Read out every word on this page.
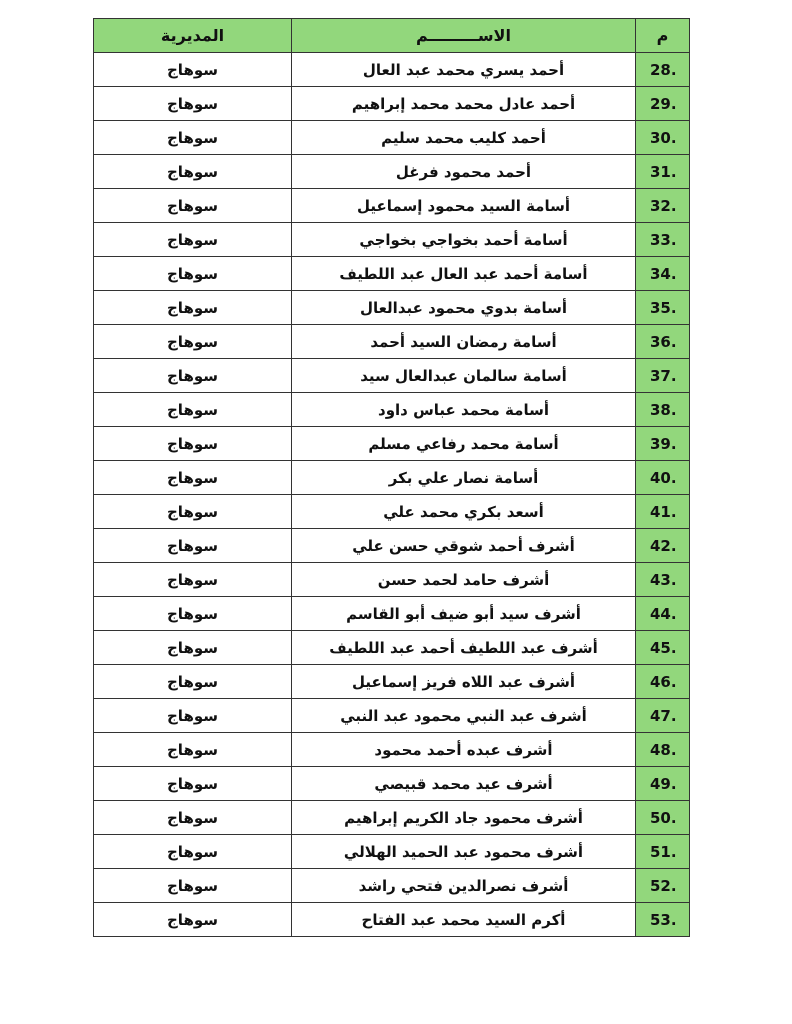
م	الاســـــــــم	المديرية
28.	أحمد يسري محمد عبد العال	سوهاج
29.	أحمد عادل محمد محمد إبراهيم	سوهاج
30.	أحمد كليب محمد سليم	سوهاج
31.	أحمد محمود فرغل	سوهاج
32.	أسامة السيد محمود إسماعيل	سوهاج
33.	أسامة أحمد بخواجي بخواجي	سوهاج
34.	أسامة أحمد عبد العال عبد اللطيف	سوهاج
35.	أسامة بدوي محمود عبدالعال	سوهاج
36.	أسامة رمضان السيد أحمد	سوهاج
37.	أسامة سالمان عبدالعال سيد	سوهاج
38.	أسامة محمد عباس داود	سوهاج
39.	أسامة محمد رفاعي مسلم	سوهاج
40.	أسامة نصار علي بكر	سوهاج
41.	أسعد بكري محمد علي	سوهاج
42.	أشرف أحمد شوقي حسن علي	سوهاج
43.	أشرف حامد لحمد حسن	سوهاج
44.	أشرف سيد أبو ضيف أبو القاسم	سوهاج
45.	أشرف عبد اللطيف أحمد عبد اللطيف	سوهاج
46.	أشرف عبد اللاه فريز إسماعيل	سوهاج
47.	أشرف عبد النبي محمود عبد النبي	سوهاج
48.	أشرف عبده أحمد محمود	سوهاج
49.	أشرف عيد محمد قبيصي	سوهاج
50.	أشرف محمود جاد الكريم إبراهيم	سوهاج
51.	أشرف محمود عبد الحميد الهلالي	سوهاج
52.	أشرف نصرالدين فتحي راشد	سوهاج
53.	أكرم السيد محمد عبد الفتاح	سوهاج
